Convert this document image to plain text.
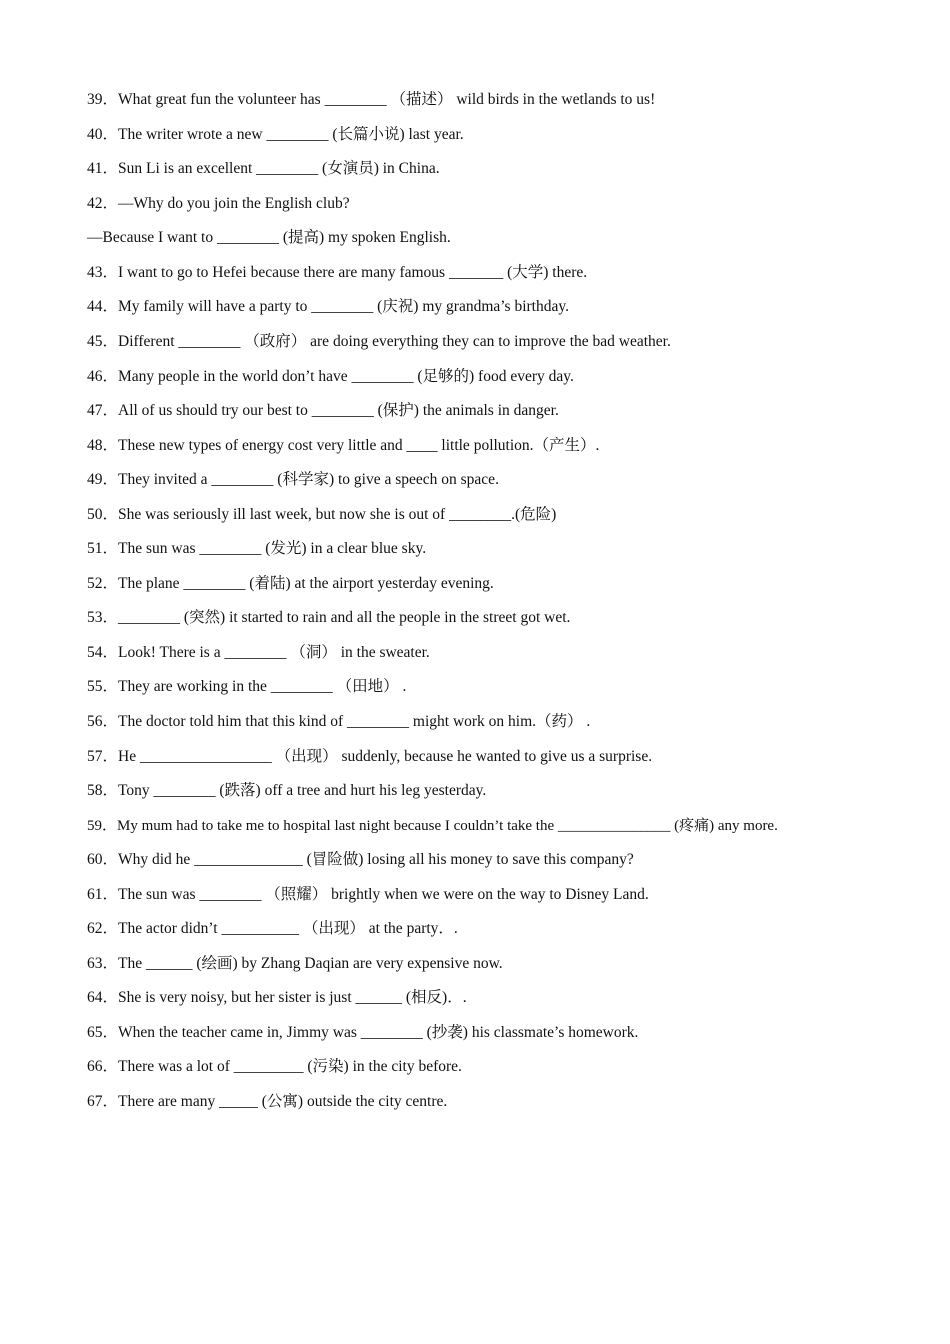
39．What great fun the volunteer has ________ （描述） wild birds in the wetlands to us!
40．The writer wrote a new ________ (长篇小说) last year.
41．Sun Li is an excellent ________ (女演员) in China.
42．—Why do you join the English club?
—Because I want to ________ (提高) my spoken English.
43．I want to go to Hefei because there are many famous _______ (大学) there.
44．My family will have a party to ________ (庆祝) my grandma’s birthday.
45．Different ________ （政府） are doing everything they can to improve the bad weather.
46．Many people in the world don’t have ________ (足够的) food every day.
47．All of us should try our best to ________ (保护) the animals in danger.
48．These new types of energy cost very little and ____ little pollution.（产生）.
49．They invited a ________ (科学家) to give a speech on space.
50．She was seriously ill last week, but now she is out of ________.(危险)
51．The sun was ________ (发光) in a clear blue sky.
52．The plane ________ (着陆) at the airport yesterday evening.
53．________ (突然) it started to rain and all the people in the street got wet.
54．Look! There is a ________ （洞） in the sweater.
55．They are working in the ________ （田地） .
56．The doctor told him that this kind of ________ might work on him.（药） .
57．He _________________ （出现） suddenly, because he wanted to give us a surprise.
58．Tony ________ (跌落) off a tree and hurt his leg yesterday.
59．My mum had to take me to hospital last night because I couldn’t take the _______________ (疼痛) any more.
60．Why did he ______________ (冒险做) losing all his money to save this company?
61．The sun was ________ （照耀） brightly when we were on the way to Disney Land.
62．The actor didn’t __________ （出现） at the party．.
63．The ______ (绘画) by Zhang Daqian are very expensive now.
64．She is very noisy, but her sister is just ______ (相反)．.
65．When the teacher came in, Jimmy was ________ (抄袭) his classmate’s homework.
66．There was a lot of _________ (污染) in the city before.
67．There are many _____ (公寓) outside the city centre.
